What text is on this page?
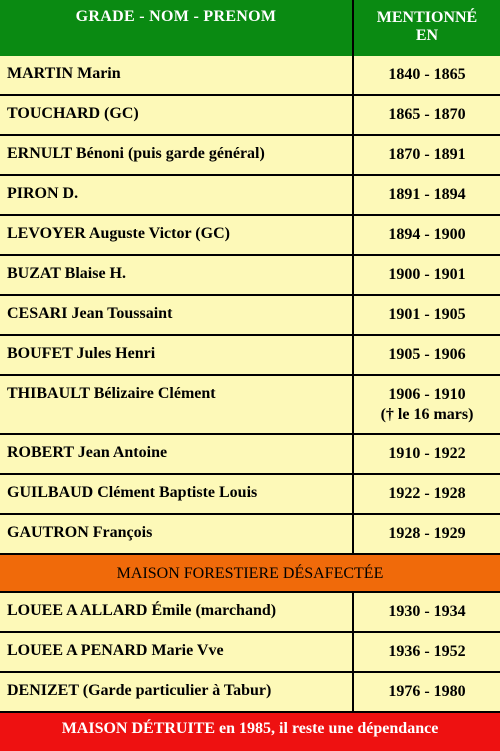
GRADE - NOM - PRENOM	MENTIONNÉ
EN
MARTIN Marin	1840 - 1865
TOUCHARD (GC)	1865 - 1870
ERNULT Bénoni (puis garde général)	1870 - 1891
PIRON D.	1891 - 1894
LEVOYER Auguste Victor (GC)	1894 - 1900
BUZAT Blaise H.	1900 - 1901
CESARI Jean Toussaint	1901 - 1905
BOUFET Jules Henri	1905 - 1906
THIBAULT Bélizaire Clément	1906 - 1910
(† le 16 mars)
ROBERT Jean Antoine	1910 - 1922
GUILBAUD Clément Baptiste Louis	1922 - 1928
GAUTRON François	1928 - 1929
MAISON FORESTIERE DÉSAFECTÉE
LOUEE A ALLARD Émile (marchand)	1930 - 1934
LOUEE A PENARD Marie Vve	1936 - 1952
DENIZET (Garde particulier à Tabur)	1976 - 1980
MAISON DÉTRUITE en 1985, il reste une dépendance
